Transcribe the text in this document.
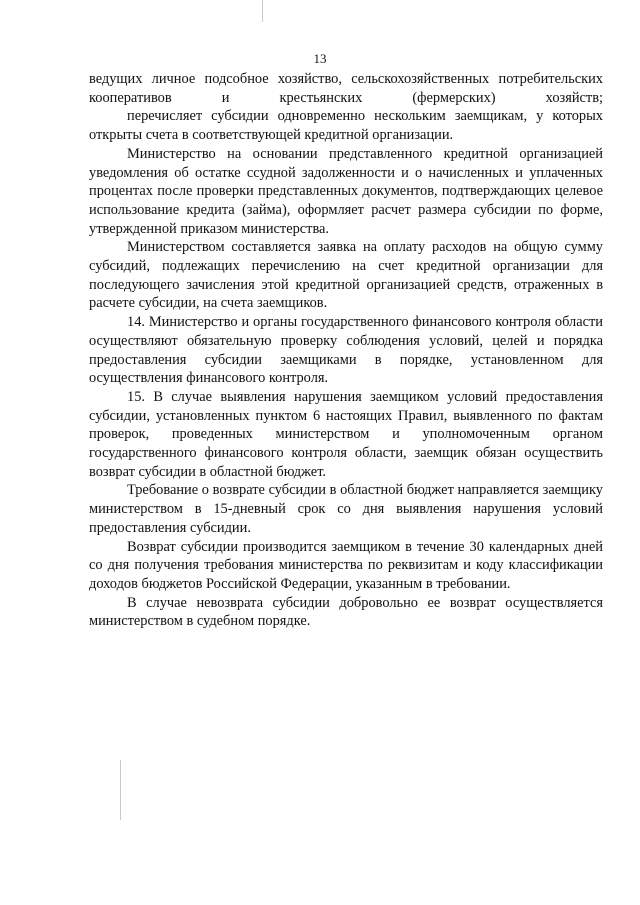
13

ведущих личное подсобное хозяйство, сельскохозяйственных потребительских кооперативов и крестьянских (фермерских) хозяйств;

перечисляет субсидии одновременно нескольким заемщикам, у которых открыты счета в соответствующей кредитной организации.

Министерство на основании представленного кредитной организацией уведомления об остатке ссудной задолженности и о начисленных и уплаченных процентах после проверки представленных документов, подтверждающих целевое использование кредита (займа), оформляет расчет размера субсидии по форме, утвержденной приказом министерства.

Министерством составляется заявка на оплату расходов на общую сумму субсидий, подлежащих перечислению на счет кредитной организации для последующего зачисления этой кредитной организацией средств, отраженных в расчете субсидии, на счета заемщиков.

14. Министерство и органы государственного финансового контроля области осуществляют обязательную проверку соблюдения условий, целей и порядка предоставления субсидии заемщиками в порядке, установленном для осуществления финансового контроля.

15. В случае выявления нарушения заемщиком условий предоставления субсидии, установленных пунктом 6 настоящих Правил, выявленного по фактам проверок, проведенных министерством и уполномоченным органом государственного финансового контроля области, заемщик обязан осуществить возврат субсидии в областной бюджет.

Требование о возврате субсидии в областной бюджет направляется заемщику министерством в 15-дневный срок со дня выявления нарушения условий предоставления субсидии.

Возврат субсидии производится заемщиком в течение 30 календарных дней со дня получения требования министерства по реквизитам и коду классификации доходов бюджетов Российской Федерации, указанным в требовании.

В случае невозврата субсидии добровольно ее возврат осуществляется министерством в судебном порядке.
